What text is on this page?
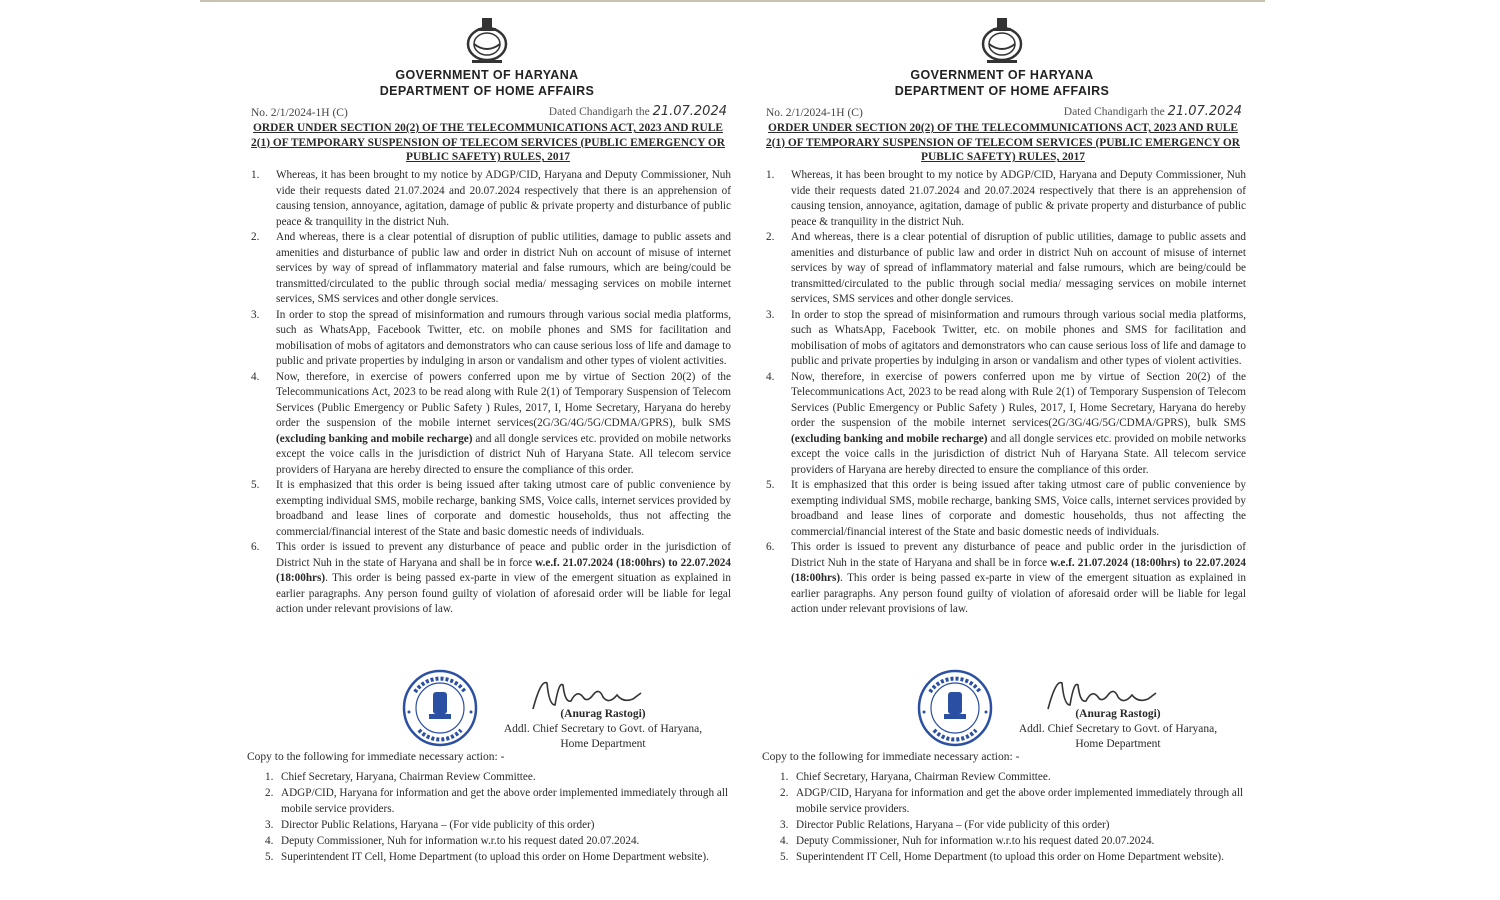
GOVERNMENT OF HARYANA
DEPARTMENT OF HOME AFFAIRS
No. 2/1/2024-1H (C)	Dated Chandigarh the 21.07.2024
ORDER UNDER SECTION 20(2) OF THE TELECOMMUNICATIONS ACT, 2023 AND RULE 2(1) OF TEMPORARY SUSPENSION OF TELECOM SERVICES (PUBLIC EMERGENCY OR PUBLIC SAFETY) RULES, 2017
1. Whereas, it has been brought to my notice by ADGP/CID, Haryana and Deputy Commissioner, Nuh vide their requests dated 21.07.2024 and 20.07.2024 respectively that there is an apprehension of causing tension, annoyance, agitation, damage of public & private property and disturbance of public peace & tranquility in the district Nuh.
2. And whereas, there is a clear potential of disruption of public utilities, damage to public assets and amenities and disturbance of public law and order in district Nuh on account of misuse of internet services by way of spread of inflammatory material and false rumours, which are being/could be transmitted/circulated to the public through social media/ messaging services on mobile internet services, SMS services and other dongle services.
3. In order to stop the spread of misinformation and rumours through various social media platforms, such as WhatsApp, Facebook Twitter, etc. on mobile phones and SMS for facilitation and mobilisation of mobs of agitators and demonstrators who can cause serious loss of life and damage to public and private properties by indulging in arson or vandalism and other types of violent activities.
4. Now, therefore, in exercise of powers conferred upon me by virtue of Section 20(2) of the Telecommunications Act, 2023 to be read along with Rule 2(1) of Temporary Suspension of Telecom Services (Public Emergency or Public Safety ) Rules, 2017, I, Home Secretary, Haryana do hereby order the suspension of the mobile internet services(2G/3G/4G/5G/CDMA/GPRS), bulk SMS (excluding banking and mobile recharge) and all dongle services etc. provided on mobile networks except the voice calls in the jurisdiction of district Nuh of Haryana State. All telecom service providers of Haryana are hereby directed to ensure the compliance of this order.
5. It is emphasized that this order is being issued after taking utmost care of public convenience by exempting individual SMS, mobile recharge, banking SMS, Voice calls, internet services provided by broadband and lease lines of corporate and domestic households, thus not affecting the commercial/financial interest of the State and basic domestic needs of individuals.
6. This order is issued to prevent any disturbance of peace and public order in the jurisdiction of District Nuh in the state of Haryana and shall be in force w.e.f. 21.07.2024 (18:00hrs) to 22.07.2024 (18:00hrs). This order is being passed ex-parte in view of the emergent situation as explained in earlier paragraphs. Any person found guilty of violation of aforesaid order will be liable for legal action under relevant provisions of law.
(Anurag Rastogi)
Addl. Chief Secretary to Govt. of Haryana,
Home Department
Copy to the following for immediate necessary action: -
1. Chief Secretary, Haryana, Chairman Review Committee.
2. ADGP/CID, Haryana for information and get the above order implemented immediately through all mobile service providers.
3. Director Public Relations, Haryana – (For vide publicity of this order)
4. Deputy Commissioner, Nuh for information w.r.to his request dated 20.07.2024.
5. Superintendent IT Cell, Home Department (to upload this order on Home Department website).
GOVERNMENT OF HARYANA
DEPARTMENT OF HOME AFFAIRS
No. 2/1/2024-1H (C)	Dated Chandigarh the 21.07.2024
ORDER UNDER SECTION 20(2) OF THE TELECOMMUNICATIONS ACT, 2023 AND RULE 2(1) OF TEMPORARY SUSPENSION OF TELECOM SERVICES (PUBLIC EMERGENCY OR PUBLIC SAFETY) RULES, 2017
1. Whereas, it has been brought to my notice by ADGP/CID, Haryana and Deputy Commissioner, Nuh vide their requests dated 21.07.2024 and 20.07.2024 respectively that there is an apprehension of causing tension, annoyance, agitation, damage of public & private property and disturbance of public peace & tranquility in the district Nuh.
2. And whereas, there is a clear potential of disruption of public utilities, damage to public assets and amenities and disturbance of public law and order in district Nuh on account of misuse of internet services by way of spread of inflammatory material and false rumours, which are being/could be transmitted/circulated to the public through social media/ messaging services on mobile internet services, SMS services and other dongle services.
3. In order to stop the spread of misinformation and rumours through various social media platforms, such as WhatsApp, Facebook Twitter, etc. on mobile phones and SMS for facilitation and mobilisation of mobs of agitators and demonstrators who can cause serious loss of life and damage to public and private properties by indulging in arson or vandalism and other types of violent activities.
4. Now, therefore, in exercise of powers conferred upon me by virtue of Section 20(2) of the Telecommunications Act, 2023 to be read along with Rule 2(1) of Temporary Suspension of Telecom Services (Public Emergency or Public Safety ) Rules, 2017, I, Home Secretary, Haryana do hereby order the suspension of the mobile internet services(2G/3G/4G/5G/CDMA/GPRS), bulk SMS (excluding banking and mobile recharge) and all dongle services etc. provided on mobile networks except the voice calls in the jurisdiction of district Nuh of Haryana State. All telecom service providers of Haryana are hereby directed to ensure the compliance of this order.
5. It is emphasized that this order is being issued after taking utmost care of public convenience by exempting individual SMS, mobile recharge, banking SMS, Voice calls, internet services provided by broadband and lease lines of corporate and domestic households, thus not affecting the commercial/financial interest of the State and basic domestic needs of individuals.
6. This order is issued to prevent any disturbance of peace and public order in the jurisdiction of District Nuh in the state of Haryana and shall be in force w.e.f. 21.07.2024 (18:00hrs) to 22.07.2024 (18:00hrs). This order is being passed ex-parte in view of the emergent situation as explained in earlier paragraphs. Any person found guilty of violation of aforesaid order will be liable for legal action under relevant provisions of law.
(Anurag Rastogi)
Addl. Chief Secretary to Govt. of Haryana,
Home Department
Copy to the following for immediate necessary action: -
1. Chief Secretary, Haryana, Chairman Review Committee.
2. ADGP/CID, Haryana for information and get the above order implemented immediately through all mobile service providers.
3. Director Public Relations, Haryana – (For vide publicity of this order)
4. Deputy Commissioner, Nuh for information w.r.to his request dated 20.07.2024.
5. Superintendent IT Cell, Home Department (to upload this order on Home Department website).
